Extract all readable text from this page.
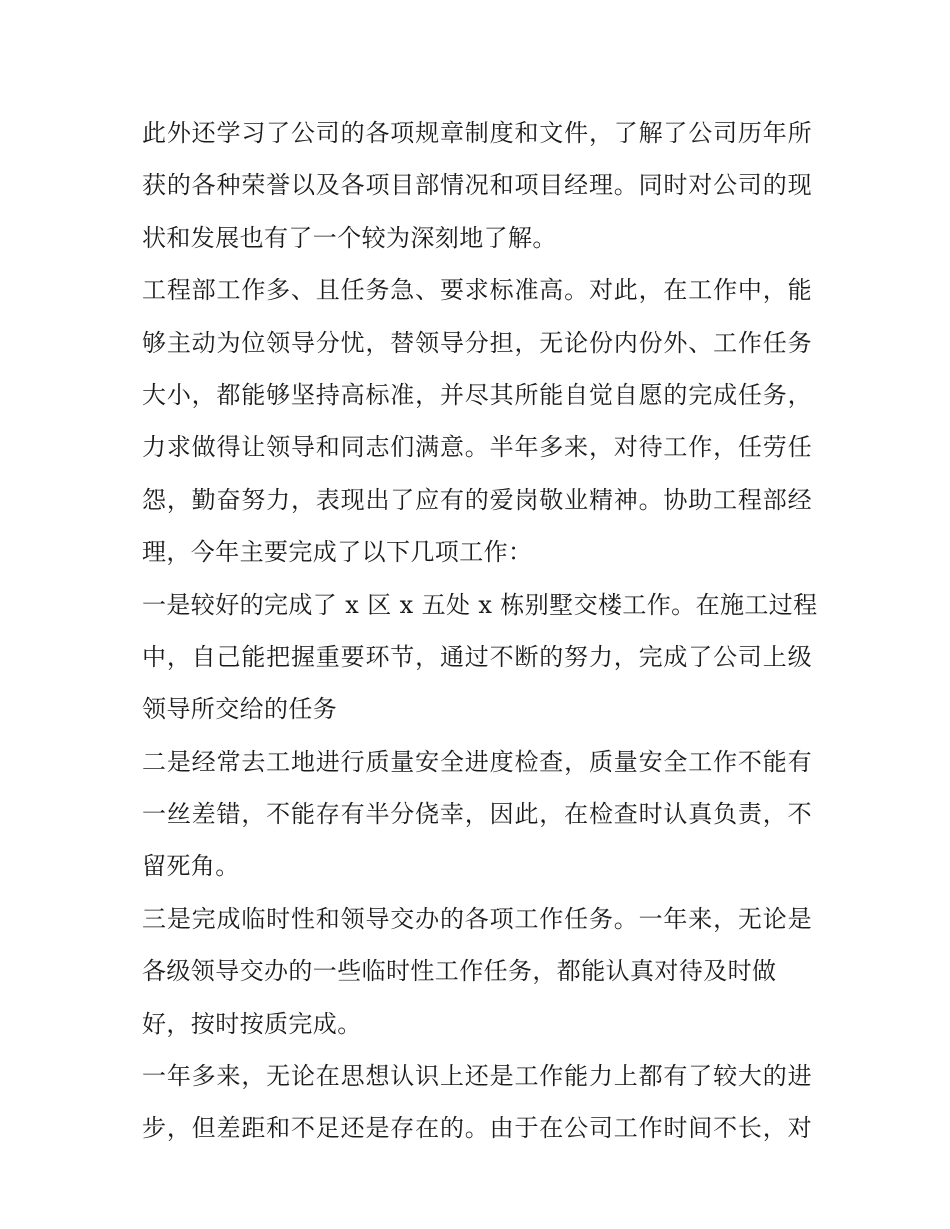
此外还学习了公司的各项规章制度和文件，了解了公司历年所
获的各种荣誉以及各项目部情况和项目经理。同时对公司的现
状和发展也有了一个较为深刻地了解。
工程部工作多、且任务急、要求标准高。对此，在工作中，能
够主动为位领导分忧，替领导分担，无论份内份外、工作任务
大小，都能够坚持高标准，并尽其所能自觉自愿的完成任务，
力求做得让领导和同志们满意。半年多来，对待工作，任劳任
怨，勤奋努力，表现出了应有的爱岗敬业精神。协助工程部经
理，今年主要完成了以下几项工作：
一是较好的完成了 x 区 x 五处 x 栋别墅交楼工作。在施工过程
中，自己能把握重要环节，通过不断的努力，完成了公司上级
领导所交给的任务
二是经常去工地进行质量安全进度检查，质量安全工作不能有
一丝差错，不能存有半分侥幸，因此，在检查时认真负责，不
留死角。
三是完成临时性和领导交办的各项工作任务。一年来，无论是
各级领导交办的一些临时性工作任务，都能认真对待及时做
好，按时按质完成。
一年多来，无论在思想认识上还是工作能力上都有了较大的进
步，但差距和不足还是存在的。由于在公司工作时间不长，对
